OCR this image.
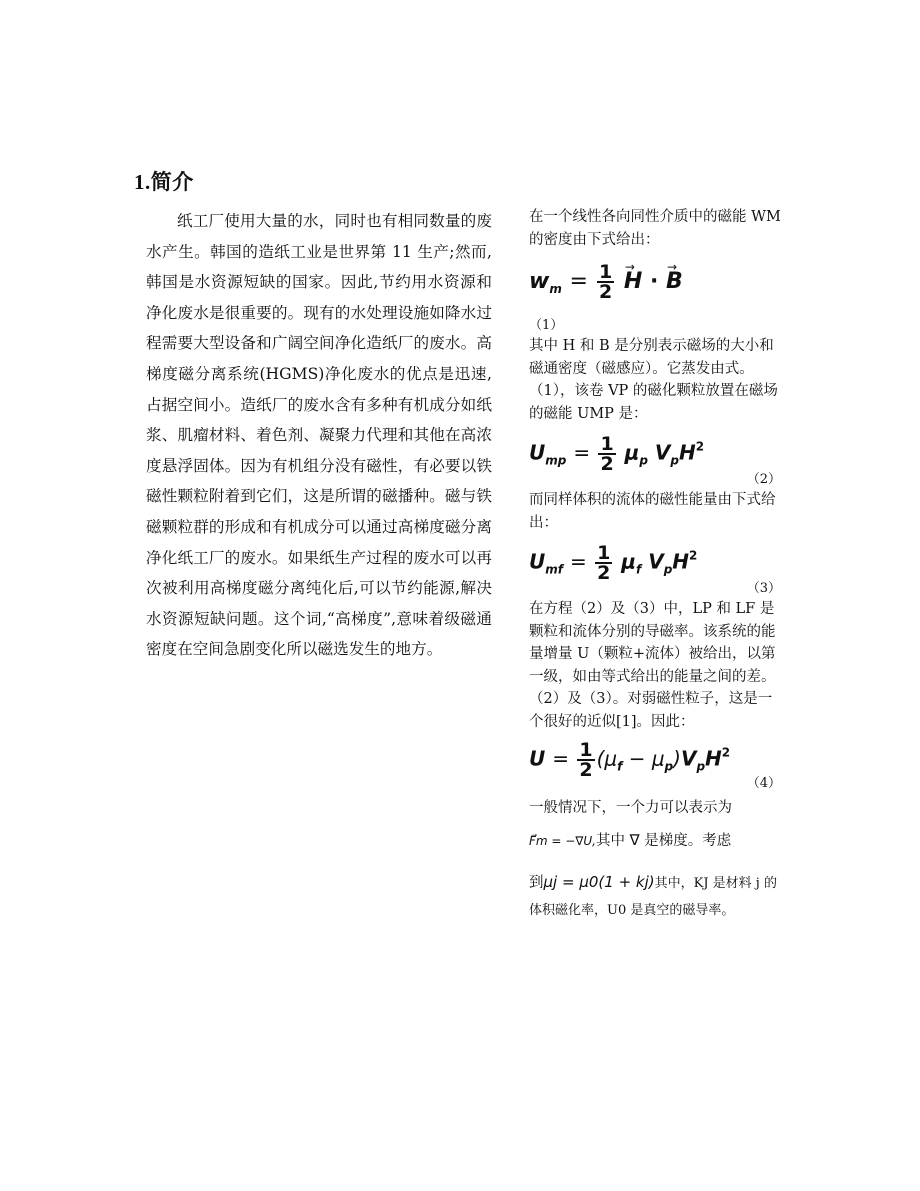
1.简介

纸工厂使用大量的水，同时也有相同数量的废水产生。韩国的造纸工业是世界第 11 生产;然而,韩国是水资源短缺的国家。因此,节约用水资源和净化废水是很重要的。现有的水处理设施如降水过程需要大型设备和广阔空间净化造纸厂的废水。高梯度磁分离系统(HGMS)净化废水的优点是迅速,占据空间小。造纸厂的废水含有多种有机成分如纸浆、肌瘤材料、着色剂、凝聚力代理和其他在高浓度悬浮固体。因为有机组分没有磁性，有必要以铁磁性颗粒附着到它们，这是所谓的磁播种。磁与铁磁颗粒群的形成和有机成分可以通过高梯度磁分离净化纸工厂的废水。如果纸生产过程的废水可以再次被利用高梯度磁分离纯化后,可以节约能源,解决水资源短缺问题。这个词,“高梯度”,意味着级磁通密度在空间急剧变化所以磁选发生的地方。

在一个线性各向同性介质中的磁能 WM 的密度由下式给出：

$w_m = \frac{1}{2}$
→ H · → B
（1）

其中 H 和 B 是分别表示磁场的大小和磁通密度（磁感应）。它蒸发由式。（1），该卷 VP 的磁化颗粒放置在磁场的磁能 UMP 是：

$U_{mp} = \frac{1}{2} \mu_p$ $V_pH^2$
（2）

而同样体积的流体的磁性能量由下式给出：

$U_{mf} = \frac{1}{2} \mu_f$ $V_pH^2$
（3）

在方程（2）及（3）中，LP 和 LF 是颗粒和流体分别的导磁率。该系统的能量增量 U（颗粒+流体）被给出，以第一级，如由等式给出的能量之间的差。 （2）及（3）。对弱磁性粒子，这是一个很好的近似[1]。因此：

$U = \frac{1}{2} (\mu_f - \mu_p)V_pH^2$
（4）

一般情况下，一个力可以表示为

F⃗m = −∇U,其中 ∇ 是梯度。考虑

到μj = μ0(1 + kj)其中，KJ 是材料 j 的体积磁化率，U0 是真空的磁导率。
